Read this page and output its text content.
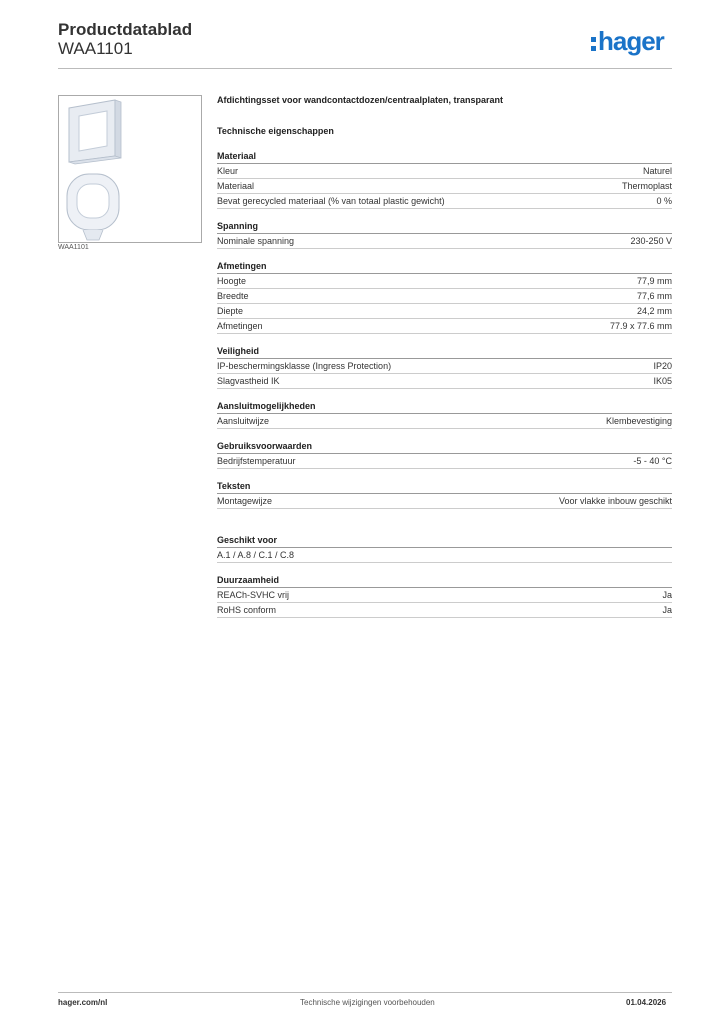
Productdatablad
WAA1101	hager
WAA1101
Afdichtingsset voor wandcontactdozen/centraalplaten, transparant
Technische eigenschappen
Materiaal
Kleur	Naturel
Materiaal	Thermoplast
Bevat gerecycled materiaal (% van totaal plastic gewicht)	0 %
Spanning
Nominale spanning	230-250 V
Afmetingen
Hoogte	77,9 mm
Breedte	77,6 mm
Diepte	24,2 mm
Afmetingen	77.9 x 77.6 mm
Veiligheid
IP-beschermingsklasse (Ingress Protection)	IP20
Slagvastheid IK	IK05
Aansluitmogelijkheden
Aansluitwijze	Klembevestiging
Gebruiksvoorwaarden
Bedrijfstemperatuur	-5 - 40 °C
Teksten
Montagewijze	Voor vlakke inbouw geschikt
Geschikt voor
A.1 / A.8 / C.1 / C.8
Duurzaamheid
REACh-SVHC vrij	Ja
RoHS conform	Ja
hager.com/nl	Technische wijzigingen voorbehouden	01.04.2026
